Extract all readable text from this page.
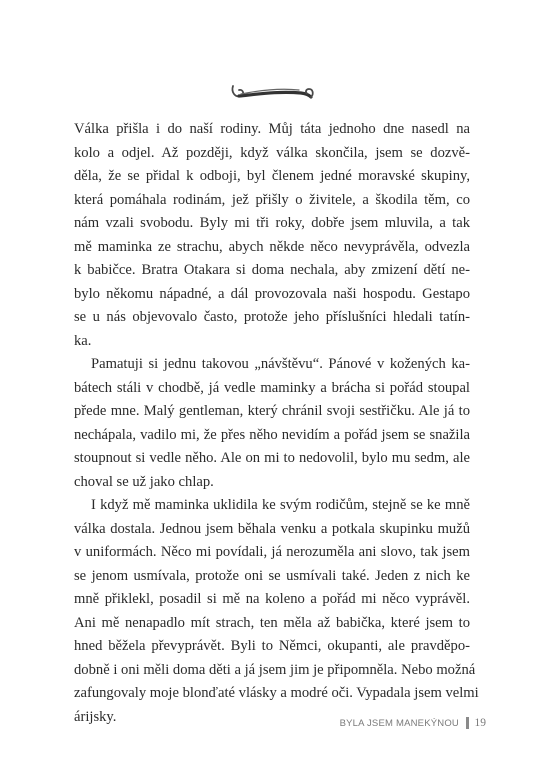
Válka přišla i do naší rodiny. Můj táta jednoho dne nasedl na
kolo a odjel. Až později, když válka skončila, jsem se dozvě-
děla, že se přidal k odboji, byl členem jedné moravské skupiny,
která pomáhala rodinám, jež přišly o živitele, a škodila těm, co
nám vzali svobodu. Byly mi tři roky, dobře jsem mluvila, a tak
mě maminka ze strachu, abych někde něco nevyprávěla, odvezla
k babičce. Bratra Otakara si doma nechala, aby zmizení dětí ne-
bylo někomu nápadné, a dál provozovala naši hospodu. Gestapo
se u nás objevovalo často, protože jeho příslušníci hledali tatín-
ka.
Pamatuji si jednu takovou „návštěvu“. Pánové v kožených ka-
bátech stáli v chodbě, já vedle maminky a brácha si pořád stoupal
přede mne. Malý gentleman, který chránil svoji sestřičku. Ale já to
nechápala, vadilo mi, že přes něho nevidím a pořád jsem se snažila
stoupnout si vedle něho. Ale on mi to nedovolil, bylo mu sedm, ale
choval se už jako chlap.
I když mě maminka uklidila ke svým rodičům, stejně se ke mně
válka dostala. Jednou jsem běhala venku a potkala skupinku mužů
v uniformách. Něco mi povídali, já nerozuměla ani slovo, tak jsem
se jenom usmívala, protože oni se usmívali také. Jeden z nich ke
mně přiklekl, posadil si mě na koleno a pořád mi něco vyprávěl.
Ani mě nenapadlo mít strach, ten měla až babička, které jsem to
hned běžela převyprávět. Byli to Němci, okupanti, ale pravděpo-
dobně i oni měli doma děti a já jsem jim je připomněla. Nebo možná
zafungovaly moje blonďaté vlásky a modré oči. Vypadala jsem velmi
árijsky.	BYLA JSEM MANEKÝNOU 19
